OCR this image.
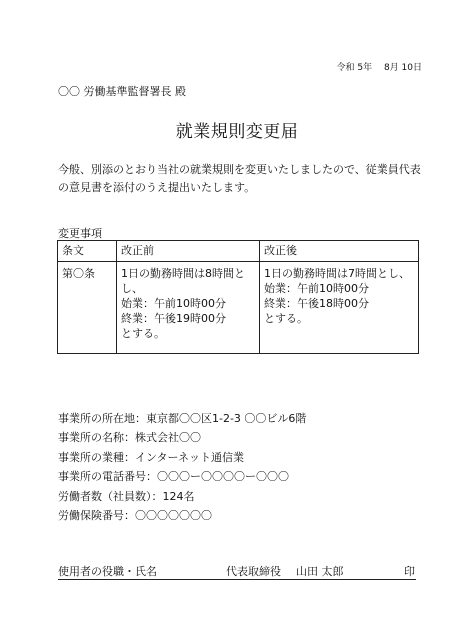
令和 5年　 8月 10日
〇〇 労働基準監督署長 殿
就業規則変更届
今般、別添のとおり当社の就業規則を変更いたしましたので、従業員代表の意見書を添付のうえ提出いたします。
変更事項
条文	改正前	改正後
第〇条	1日の勤務時間は8時間とし、
始業：午前10時00分
終業：午後19時00分
とする。	1日の勤務時間は7時間とし、
始業：午前10時00分
終業：午後18時00分
とする。
事業所の所在地：東京都〇〇区1-2-3 〇〇ビル6階
事業所の名称：株式会社〇〇
事業所の業種：インターネット通信業
事業所の電話番号：〇〇〇ー〇〇〇〇ー〇〇〇
労働者数（社員数）：124名
労働保険番号：〇〇〇〇〇〇〇
使用者の役職・氏名	代表取締役 山田 太郎	印
